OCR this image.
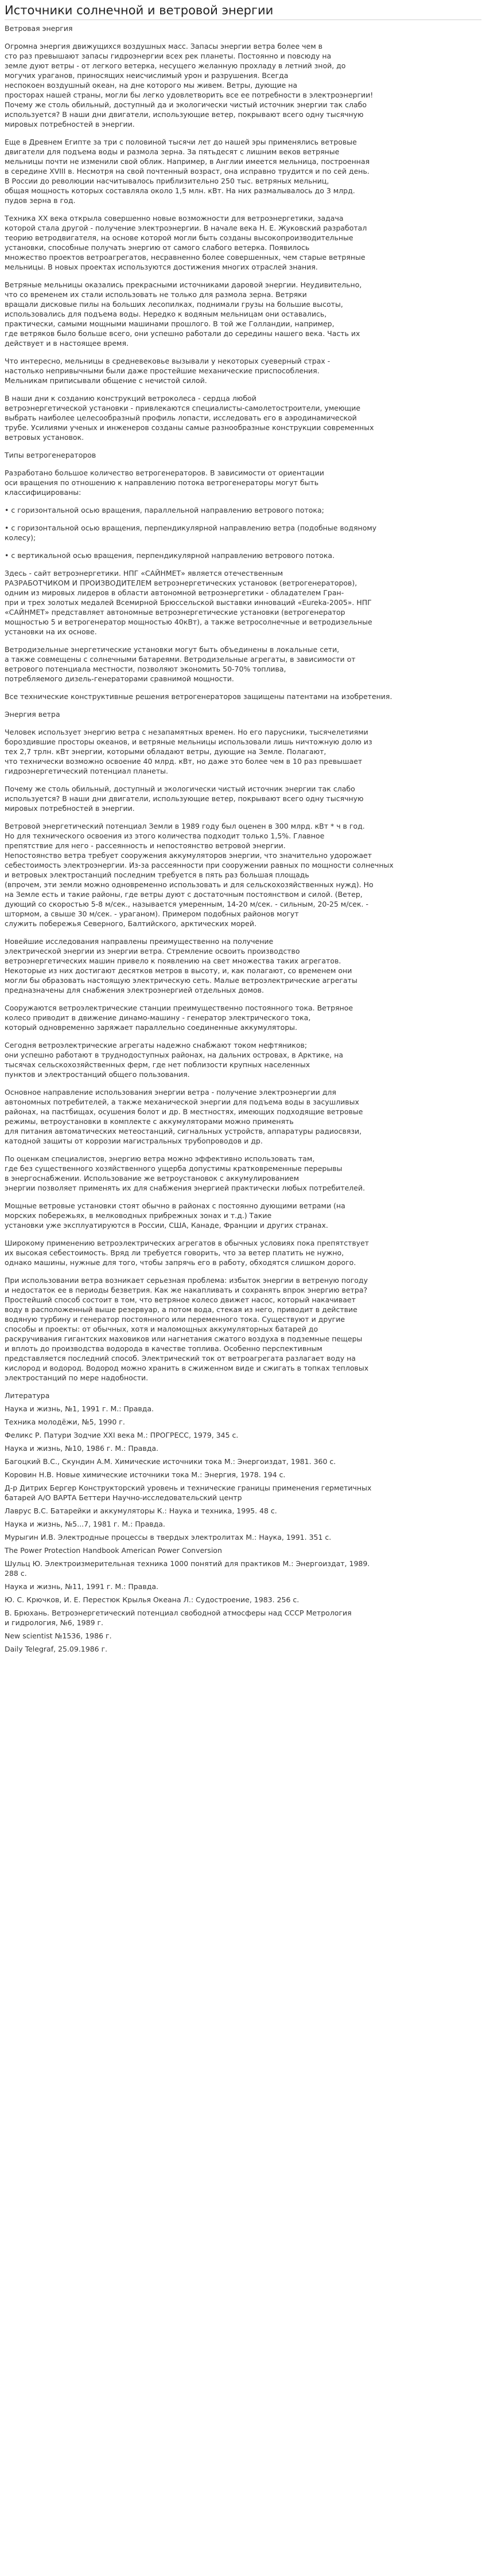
Источники солнечной и ветровой энергии

Ветровая энергия

Огромна энергия движущихся воздушных масс. Запасы энергии ветра более чем в
сто раз превышают запасы гидроэнергии всех рек планеты. Постоянно и повсюду на
земле дуют ветры - от легкого ветерка, несущего желанную прохладу в летний зной, до
могучих ураганов, приносящих неисчислимый урон и разрушения. Всегда
неспокоен воздушный океан, на дне которого мы живем. Ветры, дующие на
просторах нашей страны, могли бы легко удовлетворить все ее потребности в электроэнергии!
Почему же столь обильный, доступный да и экологически чистый источник энергии так слабо
используется? В наши дни двигатели, использующие ветер, покрывают всего одну тысячную
мировых потребностей в энергии.

Еще в Древнем Египте за три с половиной тысячи лет до нашей эры применялись ветровые
двигатели для подъема воды и размола зерна. За пятьдесят с лишним веков ветряные
мельницы почти не изменили свой облик. Например, в Англии имеется мельница, построенная
в середине XVIII в. Несмотря на свой почтенный возраст, она исправно трудится и по сей день.
В России до революции насчитывалось приблизительно 250 тыс. ветряных мельниц,
общая мощность которых составляла около 1,5 млн. кВт. На них размалывалось до 3 млрд.
пудов зерна в год.

Техника XX века открыла совершенно новые возможности для ветроэнергетики, задача
которой стала другой - получение электроэнергии. В начале века Н. Е. Жуковский разработал
теорию ветродвигателя, на основе которой могли быть созданы высокопроизводительные
установки, способные получать энергию от самого слабого ветерка. Появилось
множество проектов ветроагрегатов, несравненно более совершенных, чем старые ветряные
мельницы. В новых проектах используются достижения многих отраслей знания.

Ветряные мельницы оказались прекрасными источниками даровой энергии. Неудивительно,
что со временем их стали использовать не только для размола зерна. Ветряки
вращали дисковые пилы на больших лесопилках, поднимали грузы на большие высоты,
использовались для подъема воды. Нередко к водяным мельницам они оставались,
практически, самыми мощными машинами прошлого. В той же Голландии, например,
где ветряков было больше всего, они успешно работали до середины нашего века. Часть их
действует и в настоящее время.

Что интересно, мельницы в средневековье вызывали у некоторых суеверный страх -
настолько непривычными были даже простейшие механические приспособления.
Мельникам приписывали общение с нечистой силой.

В наши дни к созданию конструкций ветроколеса - сердца любой
ветроэнергетической установки - привлекаются специалисты-самолетостроители, умеющие
выбрать наиболее целесообразный профиль лопасти, исследовать его в аэродинамической
трубе. Усилиями ученых и инженеров созданы самые разнообразные конструкции современных
ветровых установок.

Типы ветрогенераторов

Разработано большое количество ветрогенераторов. В зависимости от ориентации
оси вращения по отношению к направлению потока ветрогенераторы могут быть
классифицированы:

• с горизонтальной осью вращения, параллельной направлению ветрового потока;

• с горизонтальной осью вращения, перпендикулярной направлению ветра (подобные водяному
колесу);

• с вертикальной осью вращения, перпендикулярной направлению ветрового потока.

Здесь - сайт ветроэнергетики. НПГ «САЙНМЕТ» является отечественным
РАЗРАБОТЧИКОМ И ПРОИЗВОДИТЕЛЕМ ветроэнергетических установок (ветрогенераторов),
одним из мировых лидеров в области автономной ветроэнергетики - обладателем Гран-
при и трех золотых медалей Всемирной Брюссельской выставки инноваций «Eureka-2005». НПГ
«САЙНМЕТ» представляет автономные ветроэнергетические установки (ветрогенератор
мощностью 5 и ветрогенератор мощностью 40кВт), а также ветросолнечные и ветродизельные
установки на их основе.

Ветродизельные энергетические установки могут быть объединены в локальные сети,
а также совмещены с солнечными батареями. Ветродизельные агрегаты, в зависимости от
ветрового потенциала местности, позволяют экономить 50-70% топлива,
потребляемого дизель-генераторами сравнимой мощности.

Все технические конструктивные решения ветрогенераторов защищены патентами на изобретения.

Энергия ветра

Человек использует энергию ветра с незапамятных времен. Но его парусники, тысячелетиями
бороздившие просторы океанов, и ветряные мельницы использовали лишь ничтожную долю из
тех 2,7 трлн. кВт энергии, которыми обладают ветры, дующие на Земле. Полагают,
что технически возможно освоение 40 млрд. кВт, но даже это более чем в 10 раз превышает
гидроэнергетический потенциал планеты.

Почему же столь обильный, доступный и экологически чистый источник энергии так слабо
используется? В наши дни двигатели, использующие ветер, покрывают всего одну тысячную
мировых потребностей в энергии.

Ветровой энергетический потенциал Земли в 1989 году был оценен в 300 млрд. кВт * ч в год.
Но для технического освоения из этого количества подходит только 1,5%. Главное
препятствие для него - рассеянность и непостоянство ветровой энергии.
Непостоянство ветра требует сооружения аккумуляторов энергии, что значительно удорожает
себестоимость электроэнергии. Из-за рассеянности при сооружении равных по мощности солнечных
и ветровых электростанций последним требуется в пять раз большая площадь
(впрочем, эти земли можно одновременно использовать и для сельскохозяйственных нужд). Но
на Земле есть и такие районы, где ветры дуют с достаточным постоянством и силой. (Ветер,
дующий со скоростью 5-8 м/сек., называется умеренным, 14-20 м/сек. - сильным, 20-25 м/сек. -
штормом, а свыше 30 м/сек. - ураганом). Примером подобных районов могут
служить побережья Северного, Балтийского, арктических морей.

Новейшие исследования направлены преимущественно на получение
электрической энергии из энергии ветра. Стремление освоить производство
ветроэнергетических машин привело к появлению на свет множества таких агрегатов.
Некоторые из них достигают десятков метров в высоту, и, как полагают, со временем они
могли бы образовать настоящую электрическую сеть. Малые ветроэлектрические агрегаты
предназначены для снабжения электроэнергией отдельных домов.

Сооружаются ветроэлектрические станции преимущественно постоянного тока. Ветряное
колесо приводит в движение динамо-машину - генератор электрического тока,
который одновременно заряжает параллельно соединенные аккумуляторы.

Сегодня ветроэлектрические агрегаты надежно снабжают током нефтяников;
они успешно работают в труднодоступных районах, на дальних островах, в Арктике, на
тысячах сельскохозяйственных ферм, где нет поблизости крупных населенных
пунктов и электростанций общего пользования.

Основное направление использования энергии ветра - получение электроэнергии для
автономных потребителей, а также механической энергии для подъема воды в засушливых
районах, на пастбищах, осушения болот и др. В местностях, имеющих подходящие ветровые
режимы, ветроустановки в комплекте с аккумуляторами можно применять
для питания автоматических метеостанций, сигнальных устройств, аппаратуры радиосвязи,
катодной защиты от коррозии магистральных трубопроводов и др.

По оценкам специалистов, энергию ветра можно эффективно использовать там,
где без существенного хозяйственного ущерба допустимы кратковременные перерывы
в энергоснабжении. Использование же ветроустановок с аккумулированием
энергии позволяет применять их для снабжения энергией практически любых потребителей.

Мощные ветровые установки стоят обычно в районах с постоянно дующими ветрами (на
морских побережьях, в мелководных прибрежных зонах и т.д.) Такие
установки уже эксплуатируются в России, США, Канаде, Франции и других странах.

Широкому применению ветроэлектрических агрегатов в обычных условиях пока препятствует
их высокая себестоимость. Вряд ли требуется говорить, что за ветер платить не нужно,
однако машины, нужные для того, чтобы запрячь его в работу, обходятся слишком дорого.

При использовании ветра возникает серьезная проблема: избыток энергии в ветреную погоду
и недостаток ее в периоды безветрия. Как же накапливать и сохранять впрок энергию ветра?
Простейший способ состоит в том, что ветряное колесо движет насос, который накачивает
воду в расположенный выше резервуар, а потом вода, стекая из него, приводит в действие
водяную турбину и генератор постоянного или переменного тока. Существуют и другие
способы и проекты: от обычных, хотя и маломощных аккумуляторных батарей до
раскручивания гигантских маховиков или нагнетания сжатого воздуха в подземные пещеры
и вплоть до производства водорода в качестве топлива. Особенно перспективным
представляется последний способ. Электрический ток от ветроагрегата разлагает воду на
кислород и водород. Водород можно хранить в сжиженном виде и сжигать в топках тепловых
электростанций по мере надобности.

Литература

Наука и жизнь, №1, 1991 г. М.: Правда.

Техника молодёжи, №5, 1990 г.

Феликс Р. Патури Зодчие XXI века М.: ПРОГРЕСС, 1979, 345 с.

Наука и жизнь, №10, 1986 г. М.: Правда.

Багоцкий В.С., Скундин А.М. Химические источники тока М.: Энергоиздат, 1981. 360 с.

Коровин Н.В. Новые химические источники тока М.: Энергия, 1978. 194 с.

Д-р Дитрих Бергер Конструкторский уровень и технические границы применения герметичных
батарей А/О ВАРТА Беттери Научно-исследовательский центр

Лаврус В.С. Батарейки и аккумуляторы К.: Наука и техника, 1995. 48 с.

Наука и жизнь, №5...7, 1981 г. М.: Правда.

Мурыгин И.В. Электродные процессы в твердых электролитах М.: Наука, 1991. 351 с.

The Power Protection Handbook American Power Conversion

Шульц Ю. Электроизмерительная техника 1000 понятий для практиков М.: Энергоиздат, 1989.
288 с.

Наука и жизнь, №11, 1991 г. М.: Правда.

Ю. С. Крючков, И. Е. Перестюк Крылья Океана Л.: Судостроение, 1983. 256 с.

В. Брюхань. Ветроэнергетический потенциал свободной атмосферы над СССР Метрология
и гидрология, №6, 1989 г.

New scientist №1536, 1986 г.

Daily Telegraf, 25.09.1986 г.
